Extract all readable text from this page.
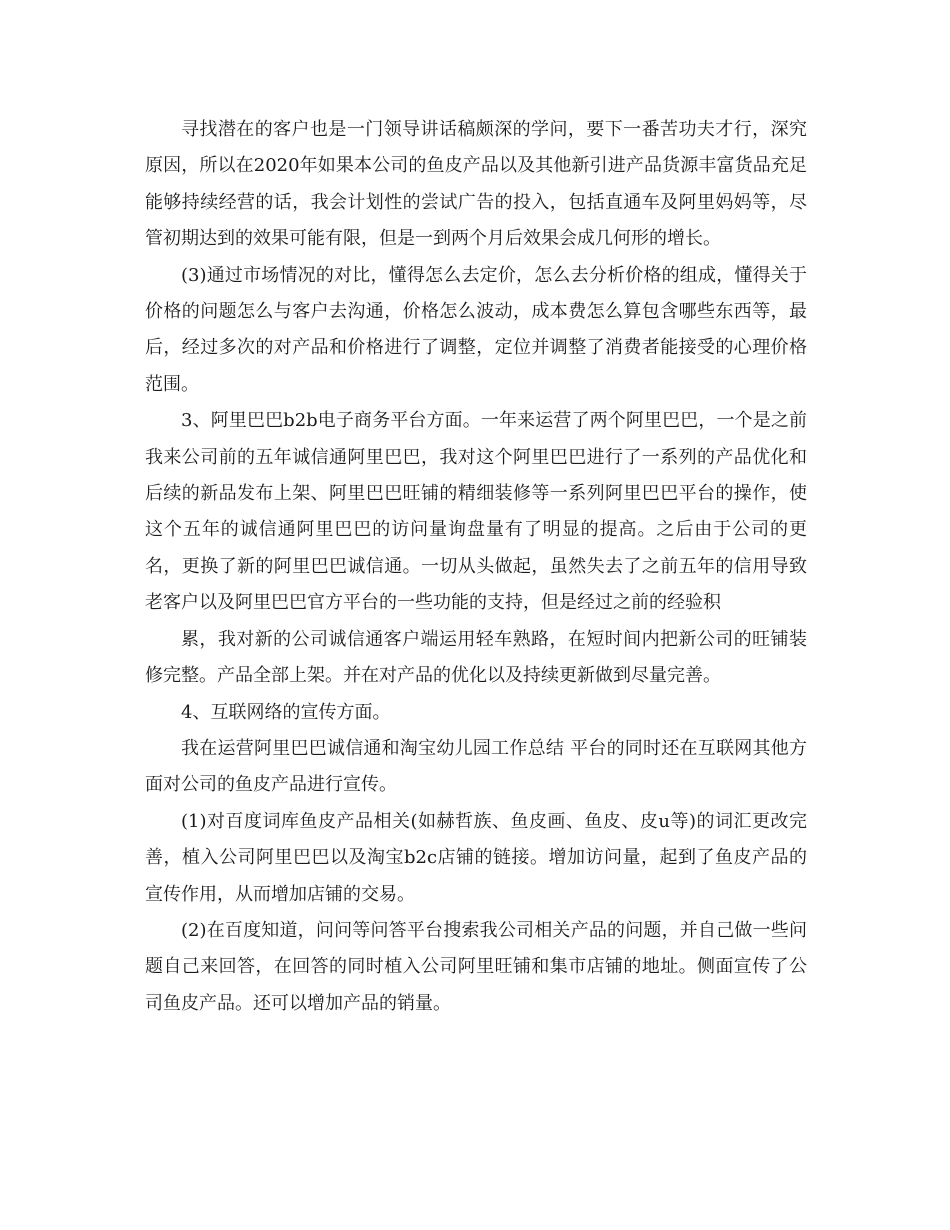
寻找潜在的客户也是一门领导讲话稿颇深的学问，要下一番苦功夫才行，深究原因，所以在2020年如果本公司的鱼皮产品以及其他新引进产品货源丰富货品充足能够持续经营的话，我会计划性的尝试广告的投入，包括直通车及阿里妈妈等，尽管初期达到的效果可能有限，但是一到两个月后效果会成几何形的增长。

(3)通过市场情况的对比，懂得怎么去定价，怎么去分析价格的组成，懂得关于价格的问题怎么与客户去沟通，价格怎么波动，成本费怎么算包含哪些东西等，最后，经过多次的对产品和价格进行了调整，定位并调整了消费者能接受的心理价格范围。

3、阿里巴巴b2b电子商务平台方面。一年来运营了两个阿里巴巴，一个是之前我来公司前的五年诚信通阿里巴巴，我对这个阿里巴巴进行了一系列的产品优化和后续的新品发布上架、阿里巴巴旺铺的精细装修等一系列阿里巴巴平台的操作，使这个五年的诚信通阿里巴巴的访问量询盘量有了明显的提高。之后由于公司的更名，更换了新的阿里巴巴诚信通。一切从头做起，虽然失去了之前五年的信用导致老客户以及阿里巴巴官方平台的一些功能的支持，但是经过之前的经验积

累，我对新的公司诚信通客户端运用轻车熟路，在短时间内把新公司的旺铺装修完整。产品全部上架。并在对产品的优化以及持续更新做到尽量完善。

4、互联网络的宣传方面。

我在运营阿里巴巴诚信通和淘宝幼儿园工作总结 平台的同时还在互联网其他方面对公司的鱼皮产品进行宣传。

(1)对百度词库鱼皮产品相关(如赫哲族、鱼皮画、鱼皮、皮u等)的词汇更改完善，植入公司阿里巴巴以及淘宝b2c店铺的链接。增加访问量，起到了鱼皮产品的宣传作用，从而增加店铺的交易。

(2)在百度知道，问问等问答平台搜索我公司相关产品的问题，并自己做一些问题自己来回答，在回答的同时植入公司阿里旺铺和集市店铺的地址。侧面宣传了公司鱼皮产品。还可以增加产品的销量。
